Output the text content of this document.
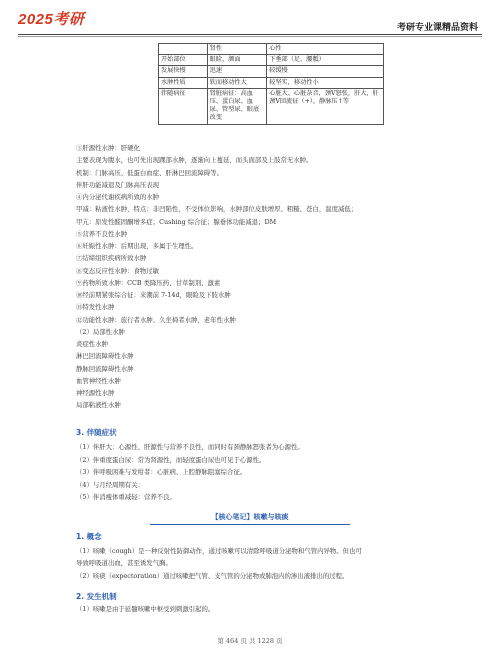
2025考研	考研专业课精品资料
	肾性	心性
开始部位	眼睑、颜面	下垂部（足、腰骶）
发展快慢	迅速	较缓慢
水肿性质	软而移动性大	较坚实，移动性小
伴随病征	肾脏病征：高血压、蛋白尿、血尿、管型尿、眼底改变	心脏大、心脏杂音，颈V怒张，肝大，肝颈V回流征（+），静脉压↑等

③肝源性水肿：肝硬化

主要表现为腹水，也可先出现踝部水肿，逐渐向上蔓延，而头面部及上肢常无水肿。

机制：门脉高压、低蛋白血症、肝淋巴回流障碍等。

伴肝功能减退及门脉高压表现

④内分泌代谢疾病所致的水肿

甲减：粘液性水肿，特点：非凹陷性，不受体位影响，水肿部位皮肤增厚、粗糙、苍白，温度减低；

甲亢：原发性醛固酮增多症；Cushing 综合征；腺垂体功能减退；DM

⑤营养不良性水肿

⑥妊娠性水肿：后期出现，多属于生理性。

⑦结缔组织疾病所致水肿

⑧变态反应性水肿：食物过敏

⑨药物所致水肿：CCB 类降压药、甘草制剂、激素

⑩经前期紧张综合征：来潮前 7-14d，眼睑及下肢水肿

⑪特发性水肿

⑫功能性水肿：旅行者水肿、久坐椅者水肿、老年性水肿

（2）局部性水肿

炎症性水肿

淋巴回流障碍性水肿

静脉回流障碍性水肿

血管神经性水肿

神经源性水肿

局部粘液性水肿

3. 伴随症状

（1）伴肝大：心源性、肝源性与营养不良性，而同时有颈静脉怒张者为心源性。

（2）伴重度蛋白尿：常为肾源性，而轻度蛋白尿也可见于心源性。

（3）伴呼吸困难与发绀者：心脏病、上腔静脉阻塞综合征。

（4）与月经周期有关：

（5）伴消瘦体重减轻：营养不良。

【核心笔记】咳嗽与咳痰
1. 概念

（1）咳嗽（cough）是一种反射性防御动作，通过咳嗽可以清除呼吸道分泌物和气管内异物。但也可

导致呼吸道出血，甚至诱发气胸。

（2）咳痰（expectoration）通过咳嗽把气管、支气管的分泌物或肺泡内的渗出液排出的过程。

2. 发生机制

（1）咳嗽是由于延髓咳嗽中枢受到刺激引起的。

第 464 页 共 1228 页
